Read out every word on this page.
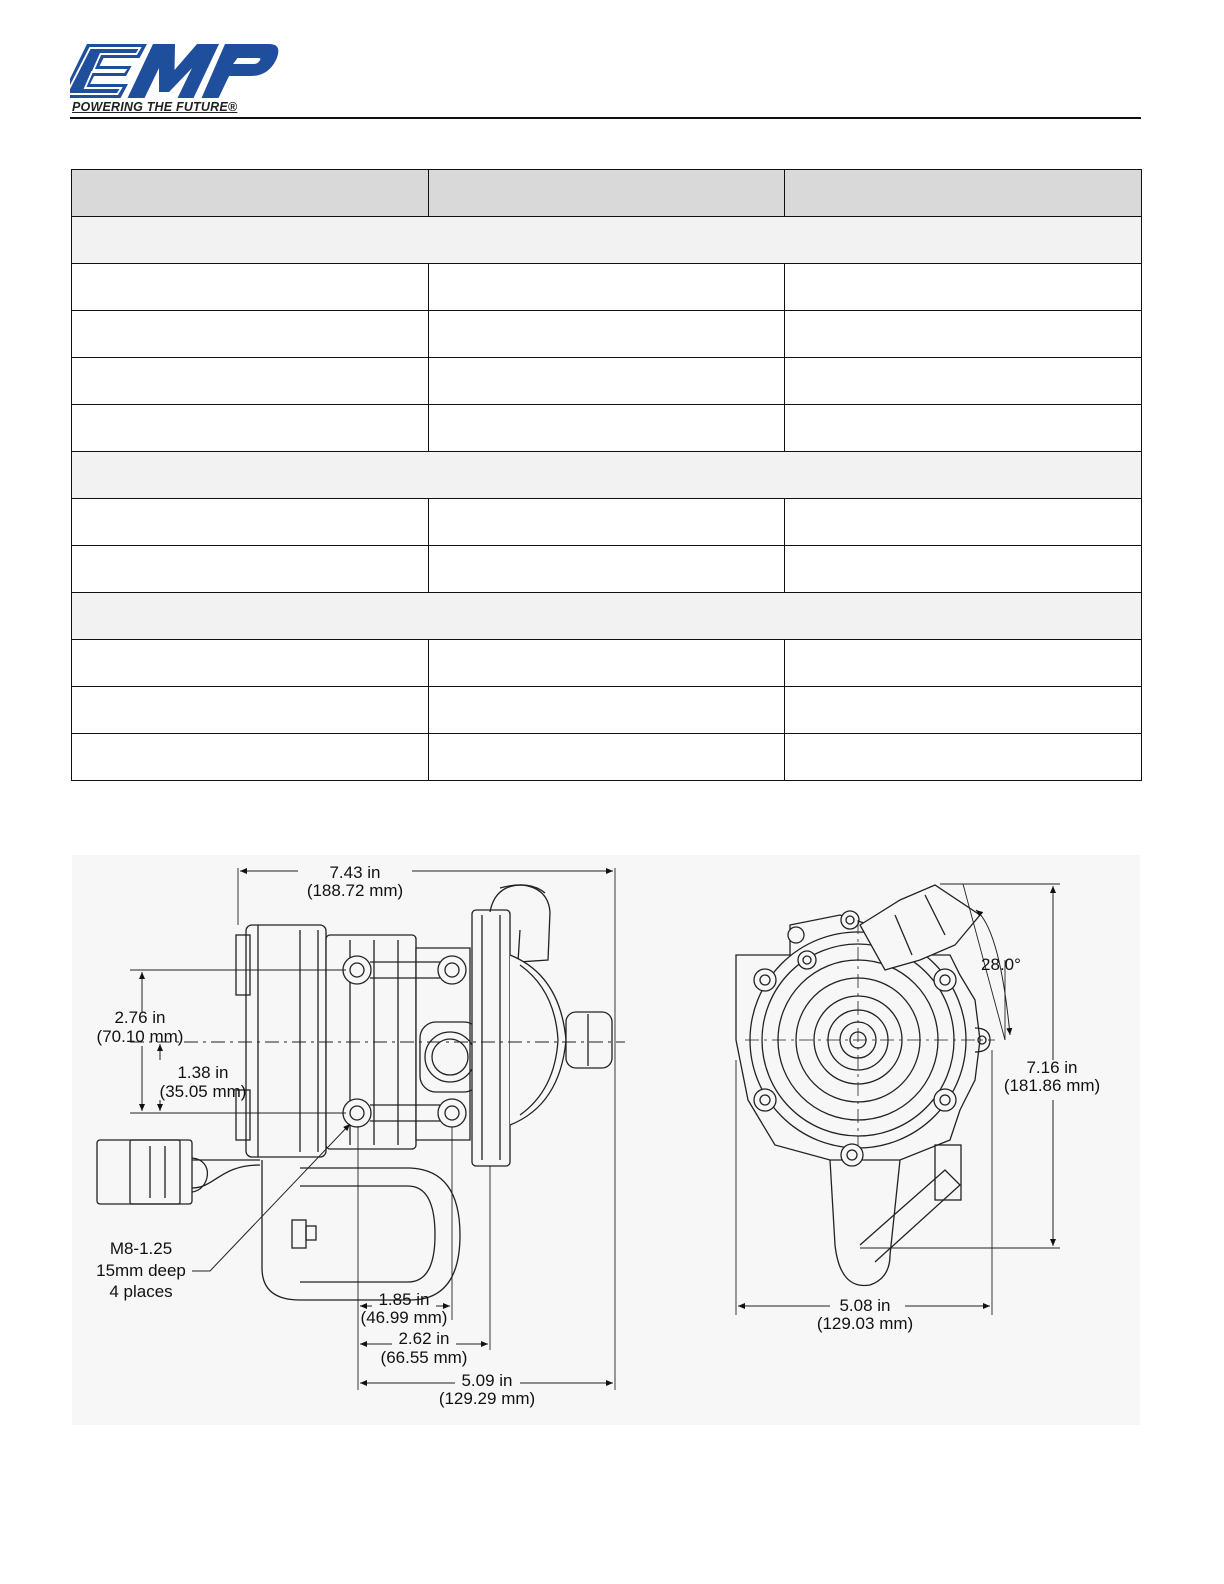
POWERING THE FUTURE®

7.43 in
(188.72 mm)
2.76 in
(70.10 mm)
1.38 in
(35.05 mm)
M8-1.25
15mm deep
4 places	1.85 in
(46.99 mm)
2.62 in
(66.55 mm)
5.09 in
(129.29 mm)
28.0°
7.16 in
(181.86 mm)
5.08 in
(129.03 mm)
